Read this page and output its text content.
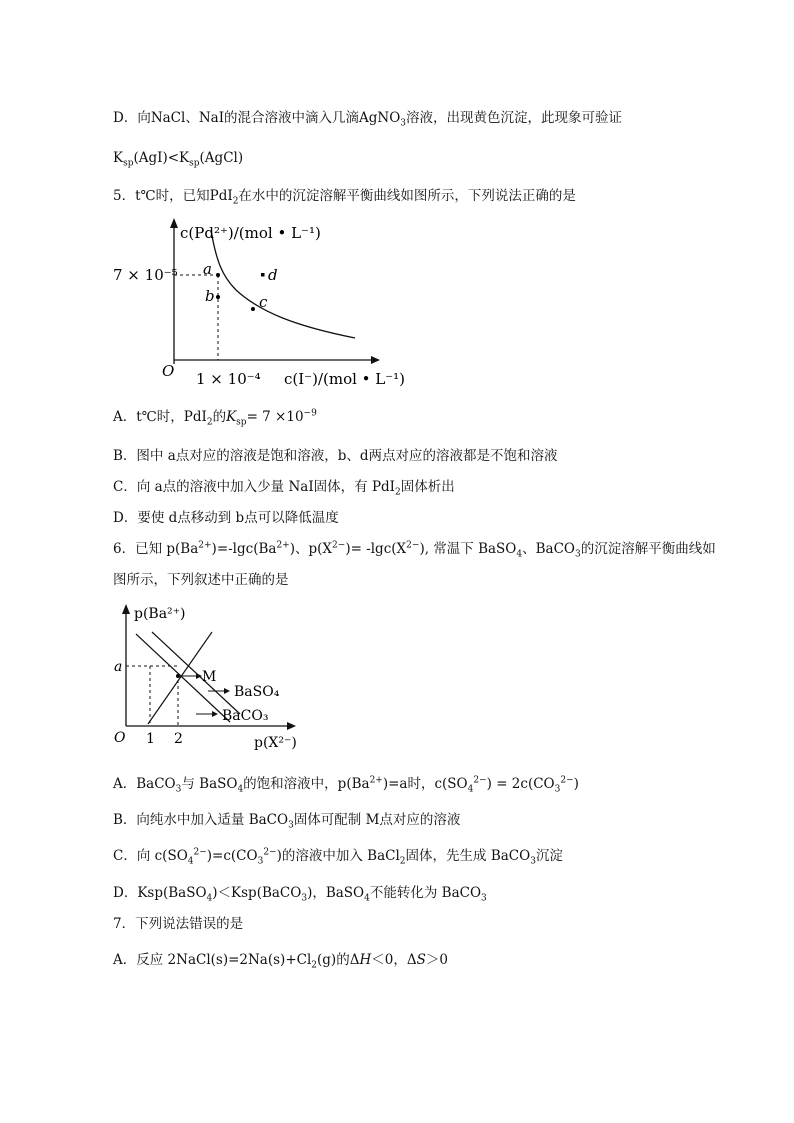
D．向NaCl、NaI的混合溶液中滴入几滴AgNO$_3$溶液，出现黄色沉淀，此现象可验证
$K_{sp}(AgI)<K_{sp}(AgCl)$
5．t℃时，已知PdI$_2$在水中的沉淀溶解平衡曲线如图所示，下列说法正确的是
c(Pd²⁺)/(mol • L⁻¹)
7 × 10⁻⁵
1 × 10⁻⁴ c(I⁻)/(mol • L⁻¹)
O
a
b	c
d
A．t℃时，PdI$_2$的$K_{sp}= 7 \times 10^{-9}$
B．图中 a点对应的溶液是饱和溶液，b、d两点对应的溶液都是不饱和溶液
C．向 a点的溶液中加入少量 NaI固体，有 PdI$_2$固体析出
D．要使 d点移动到 b点可以降低温度
6．已知 $p(Ba^{2+})=-\lg c(Ba^{2+})$、$p(X^{2-})= -\lg c(X^{2-})$, 常温下 BaSO$_4$、BaCO$_3$的沉淀溶解平衡曲线如
图所示，下列叙述中正确的是
p(Ba²⁺)
a
M
BaSO₄
BaCO₃
O 1 2	p(X²⁻)
A．BaCO$_3$与 BaSO$_4$的饱和溶液中，$p(Ba^{2+})=a$时，$c(SO_4^{2-}) = 2c(CO_3^{2-})$
B．向纯水中加入适量 BaCO$_3$固体可配制 M点对应的溶液
C．向 $c(SO_4^{2-})=c(CO_3^{2-})$的溶液中加入 BaCl$_2$固体，先生成 BaCO$_3$沉淀
D．Ksp(BaSO$_4$)＜Ksp(BaCO$_3$)，BaSO$_4$不能转化为 BaCO$_3$
7．下列说法错误的是
A．反应 $2NaCl(s)=2Na(s)+Cl_2(g)$的ΔH＜0，ΔS＞0
